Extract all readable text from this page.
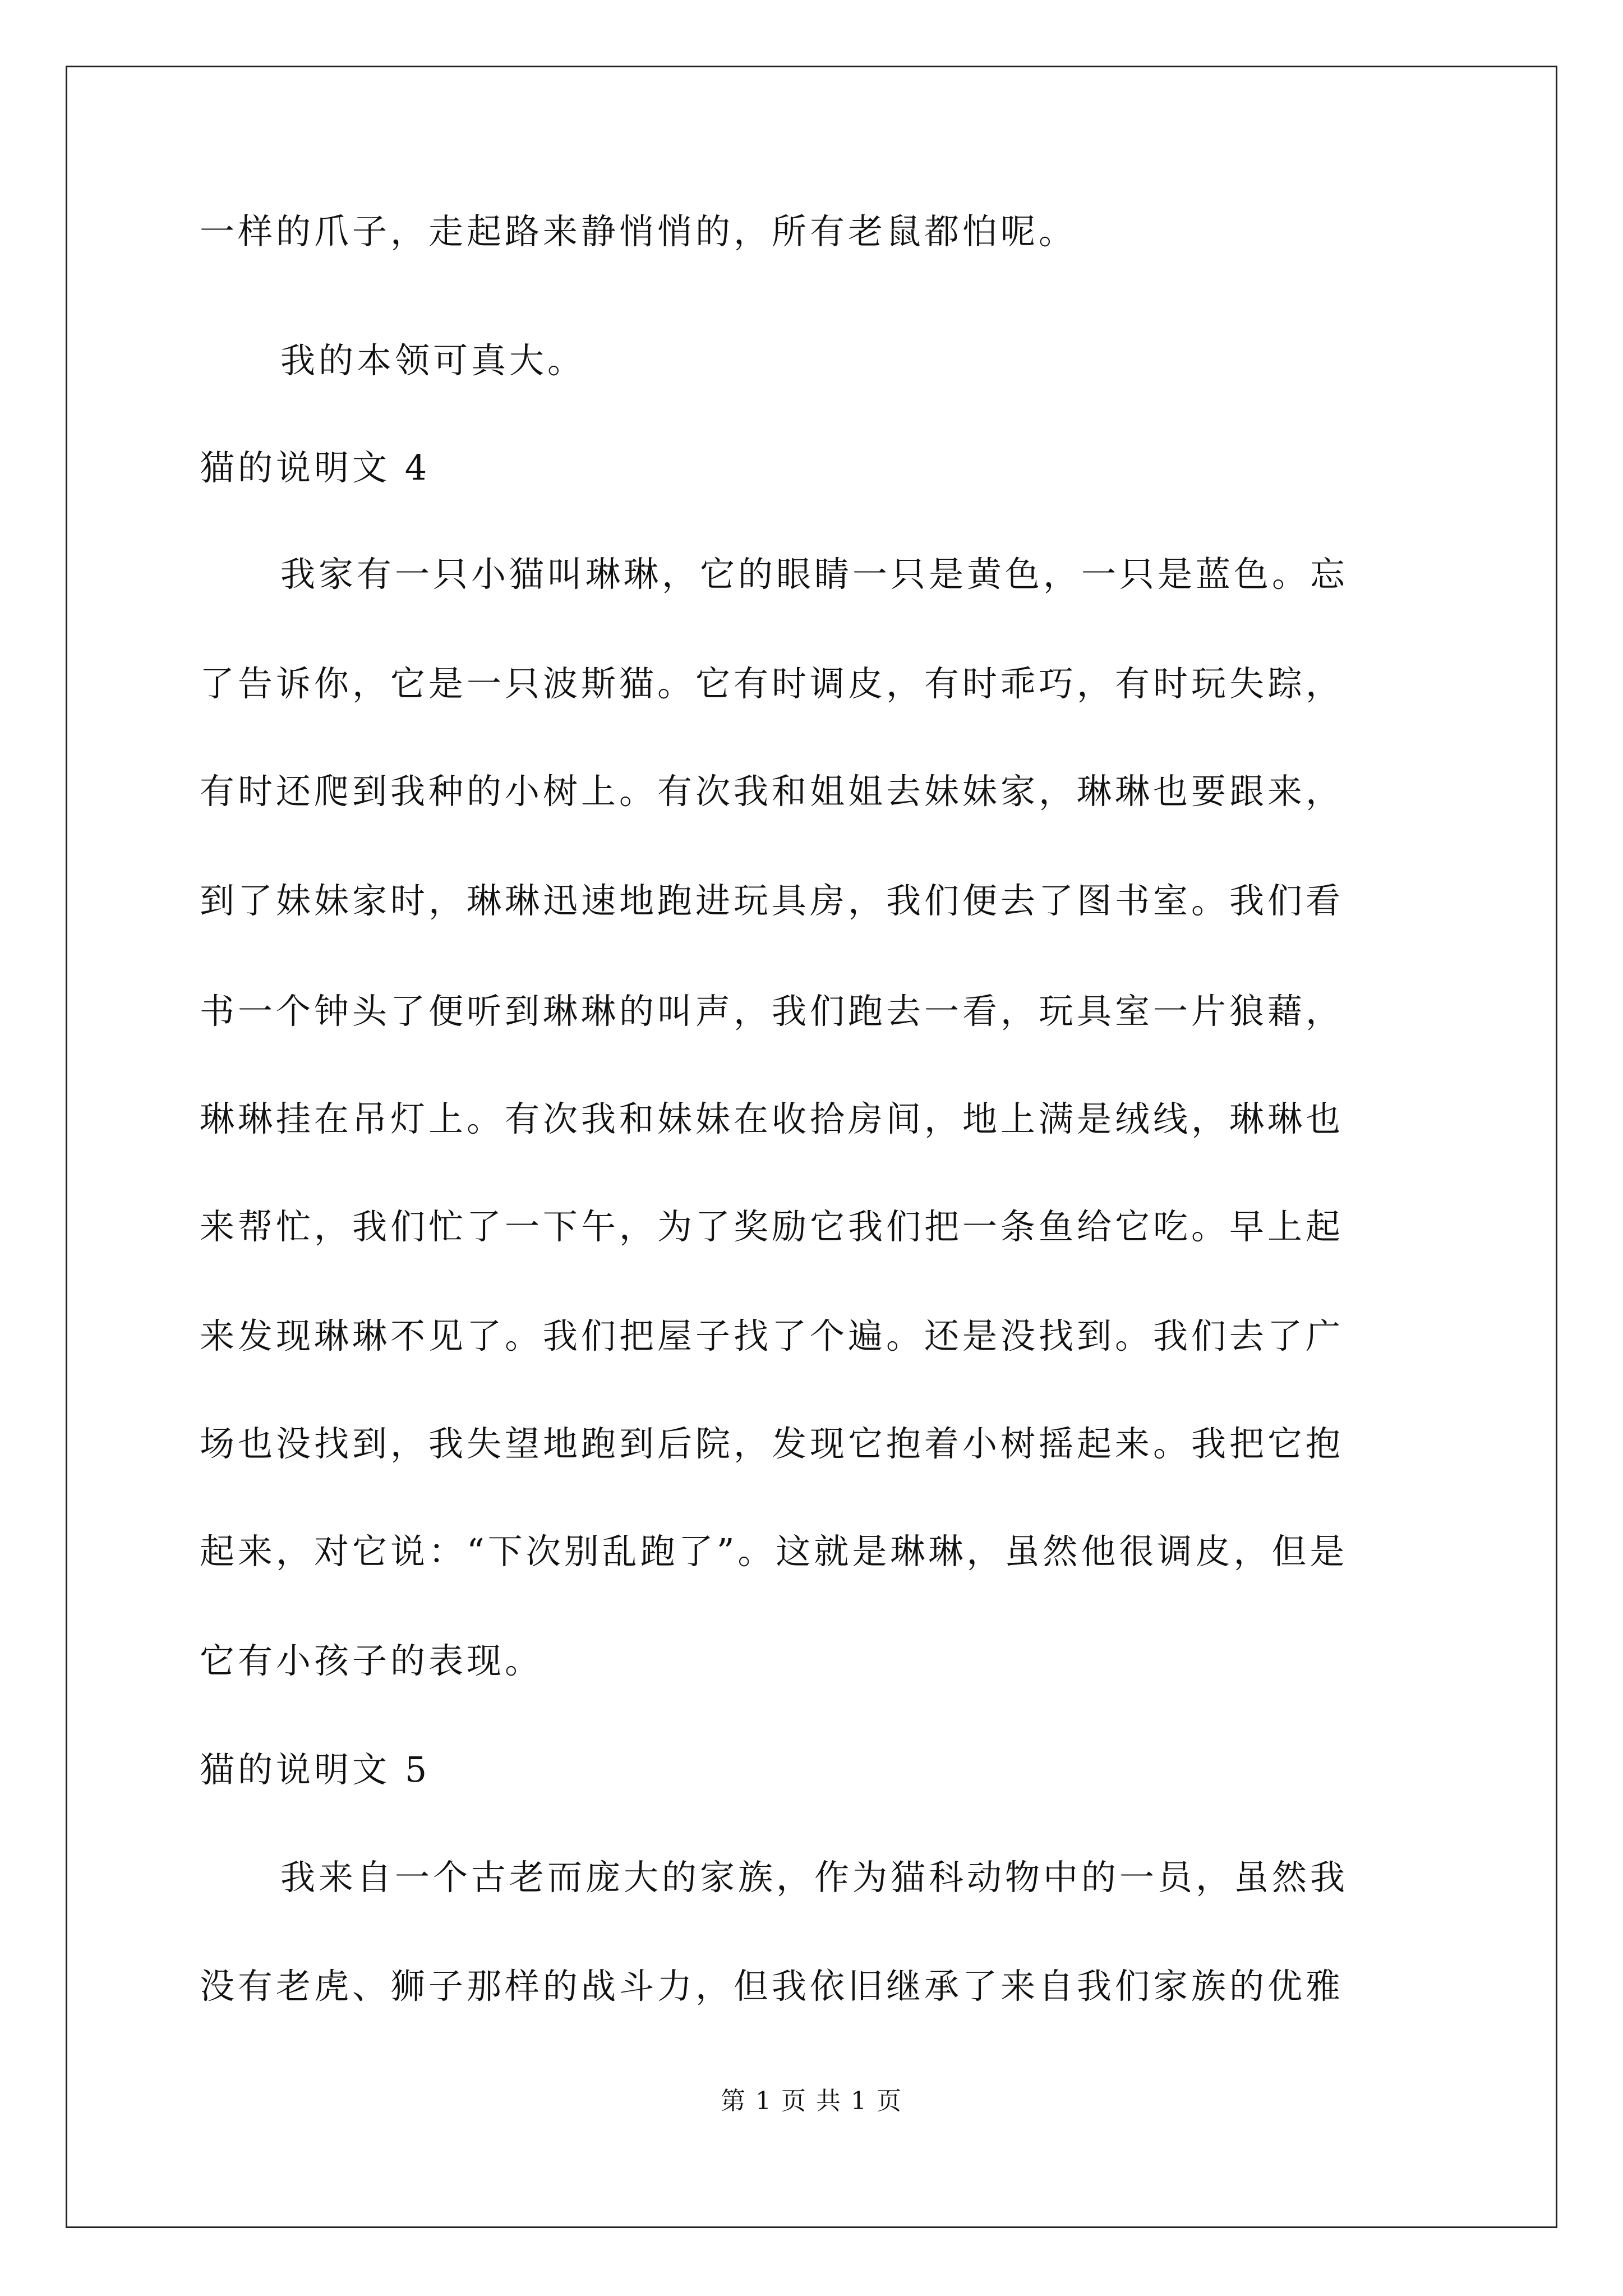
一样的爪子，走起路来静悄悄的，所有老鼠都怕呢。
我的本领可真大。
猫的说明文 4
我家有一只小猫叫琳琳，它的眼睛一只是黄色，一只是蓝色。忘
了告诉你，它是一只波斯猫。它有时调皮，有时乖巧，有时玩失踪，
有时还爬到我种的小树上。有次我和姐姐去妹妹家，琳琳也要跟来，
到了妹妹家时，琳琳迅速地跑进玩具房，我们便去了图书室。我们看
书一个钟头了便听到琳琳的叫声，我们跑去一看，玩具室一片狼藉，
琳琳挂在吊灯上。有次我和妹妹在收拾房间，地上满是绒线，琳琳也
来帮忙，我们忙了一下午，为了奖励它我们把一条鱼给它吃。早上起
来发现琳琳不见了。我们把屋子找了个遍。还是没找到。我们去了广
场也没找到，我失望地跑到后院，发现它抱着小树摇起来。我把它抱
起来，对它说：“下次别乱跑了”。这就是琳琳，虽然他很调皮，但是
它有小孩子的表现。
猫的说明文 5
我来自一个古老而庞大的家族，作为猫科动物中的一员，虽然我
没有老虎、狮子那样的战斗力，但我依旧继承了来自我们家族的优雅
第 1 页 共 1 页
